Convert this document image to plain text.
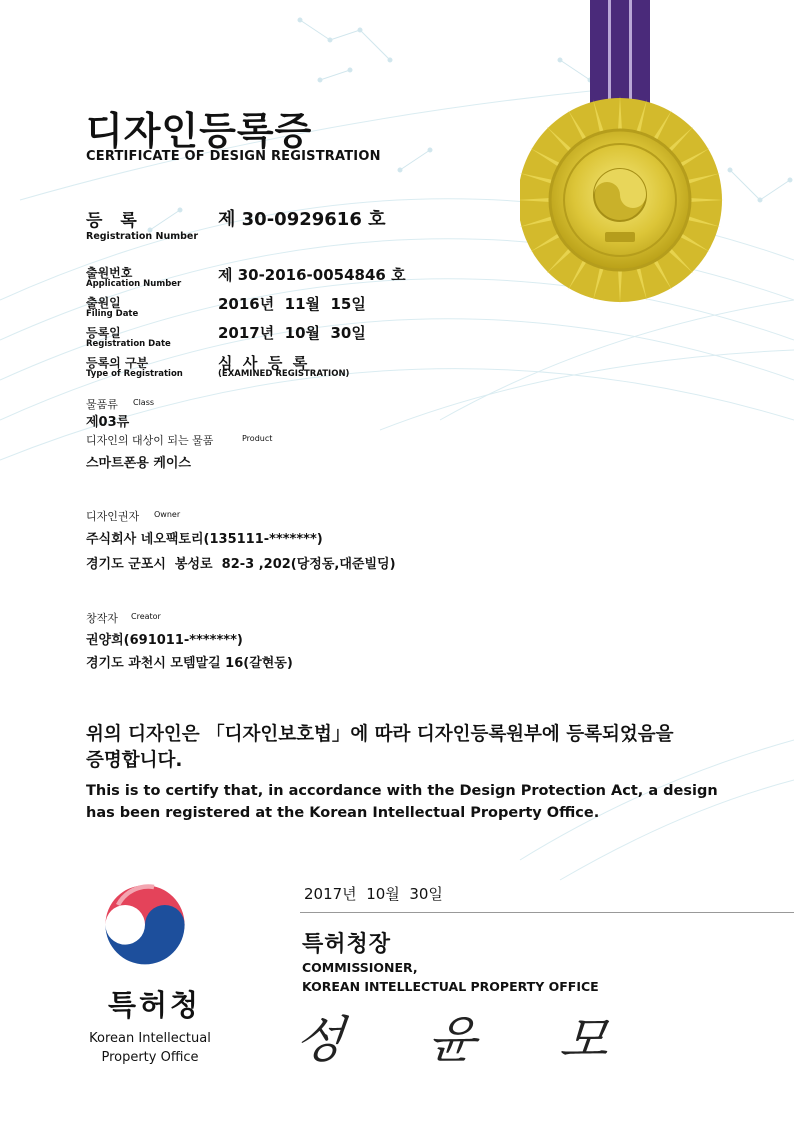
디자인등록증
CERTIFICATE OF DESIGN REGISTRATION
등 록
Registration Number
제 30-0929616 호
출원번호
Application Number 제 30-2016-0054846 호
출원일
Filing Date
2016년  11월  15일
등록일
Registration Date
2017년  10월  30일
등록의 구분
Type of Registration
심  사  등  록
(EXAMINED REGISTRATION)
물품류 Class
제03류
디자인의 대상이 되는 물품	Product
스마트폰용 케이스
디자인권자 Owner
주식회사 네오팩토리(135111-*******)
경기도 군포시  봉성로  82-3 ,202(당정동,대준빌딩)
창작자 Creator
권양희(691011-*******)
경기도 과천시 모템말길 16(갈현동)
위의 디자인은 「디자인보호법」에 따라 디자인등록원부에 등록되었음을
증명합니다.
This is to certify that, in accordance with the Design Protection Act, a design
has been registered at the Korean Intellectual Property Office.
특허청
Korean Intellectual
Property Office
2017년  10월  30일
특허청장
COMMISSIONER,
KOREAN INTELLECTUAL PROPERTY OFFICE
성 윤 모
